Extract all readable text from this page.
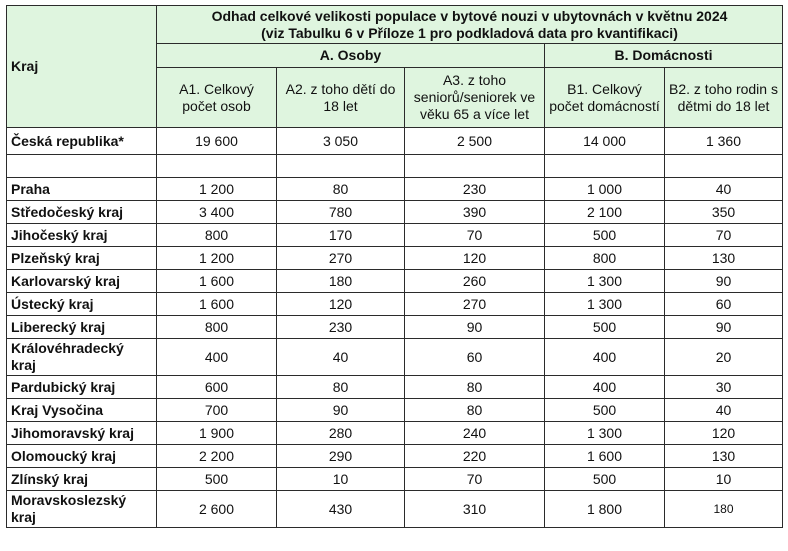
Kraj	Odhad celkové velikosti populace v bytové nouzi v ubytovnách v květnu 2024
(viz Tabulku 6 v Příloze 1 pro podkladová data pro kvantifikaci)				

	A. Osoby			B. Domácnosti	
	A1. Celkový počet osob	A2. z toho dětí do 18 let	A3. z toho seniorů/seniorek ve věku 65 a více let	B1. Celkový počet domácností	B2. z toho rodin s dětmi do 18 let
Česká republika*	19 600	3 050	2 500	14 000	1 360

Praha	1 200	80	230	1 000	40
Středočeský kraj	3 400	780	390	2 100	350
Jihočeský kraj	800	170	70	500	70
Plzeňský kraj	1 200	270	120	800	130
Karlovarský kraj	1 600	180	260	1 300	90
Ústecký kraj	1 600	120	270	1 300	60
Liberecký kraj	800	230	90	500	90
Královéhradecký kraj	400	40	60	400	20
Pardubický kraj	600	80	80	400	30
Kraj Vysočina	700	90	80	500	40
Jihomoravský kraj	1 900	280	240	1 300	120
Olomoucký kraj	2 200	290	220	1 600	130
Zlínský kraj	500	10	70	500	10
Moravskoslezský kraj	2 600	430	310	1 800	180
